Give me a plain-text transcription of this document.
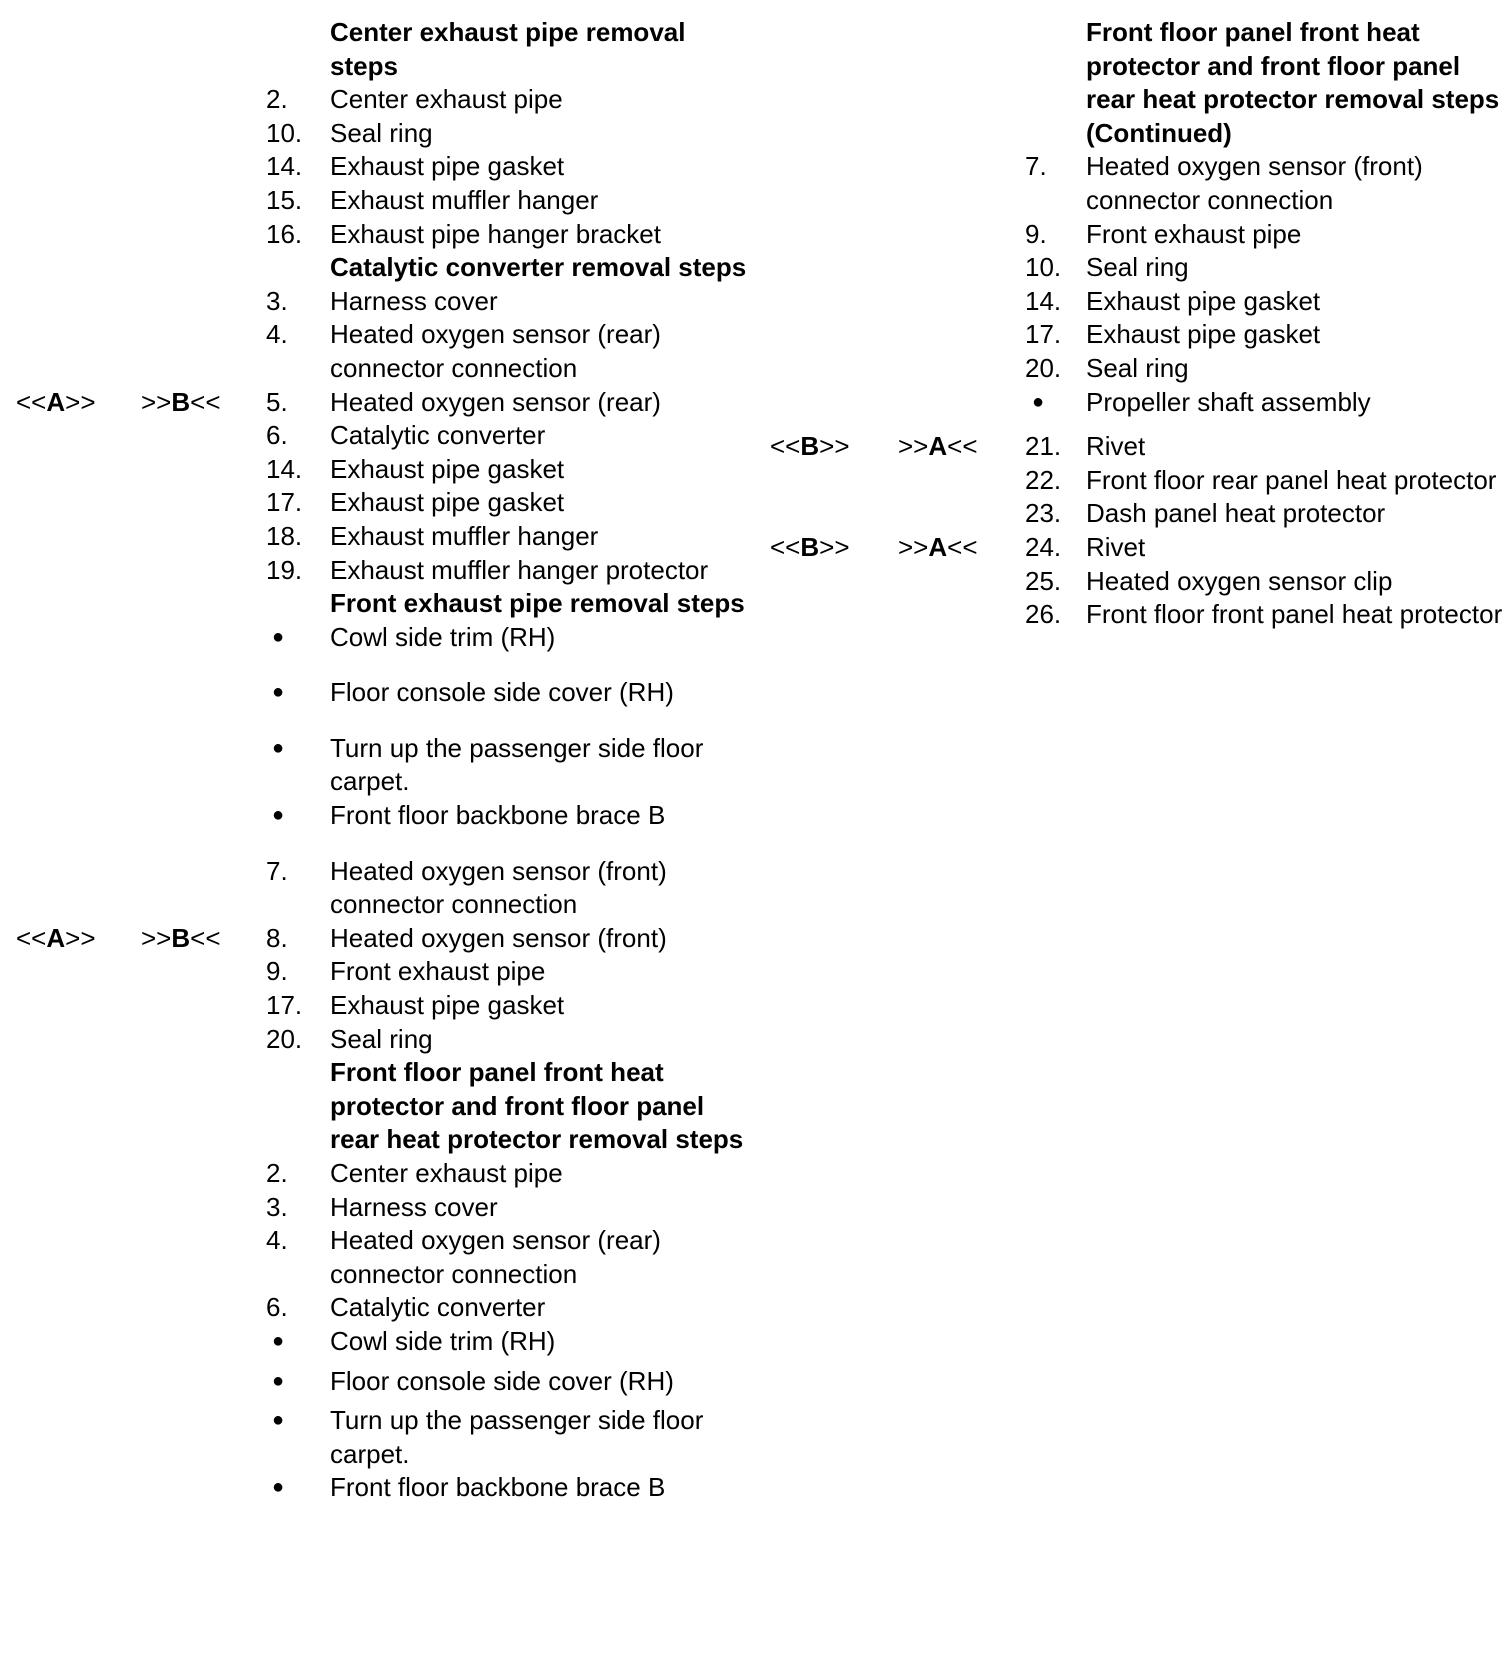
Center exhaust pipe removal steps
2. Center exhaust pipe
10. Seal ring
14. Exhaust pipe gasket
15. Exhaust muffler hanger
16. Exhaust pipe hanger bracket
Catalytic converter removal steps
3. Harness cover
4. Heated oxygen sensor (rear) connector connection
<<A>> >>B<< 5. Heated oxygen sensor (rear)
6. Catalytic converter
14. Exhaust pipe gasket
17. Exhaust pipe gasket
18. Exhaust muffler hanger
19. Exhaust muffler hanger protector
Front exhaust pipe removal steps
● Cowl side trim (RH)
● Floor console side cover (RH)
● Turn up the passenger side floor carpet.
● Front floor backbone brace B
7. Heated oxygen sensor (front) connector connection
<<A>> >>B<< 8. Heated oxygen sensor (front)
9. Front exhaust pipe
17. Exhaust pipe gasket
20. Seal ring
Front floor panel front heat protector and front floor panel rear heat protector removal steps
2. Center exhaust pipe
3. Harness cover
4. Heated oxygen sensor (rear) connector connection
6. Catalytic converter
● Cowl side trim (RH)
● Floor console side cover (RH)
● Turn up the passenger side floor carpet.
● Front floor backbone brace B
Front floor panel front heat protector and front floor panel rear heat protector removal steps (Continued)
7. Heated oxygen sensor (front) connector connection
9. Front exhaust pipe
10. Seal ring
14. Exhaust pipe gasket
17. Exhaust pipe gasket
20. Seal ring
● Propeller shaft assembly
<<B>> >>A<< 21. Rivet
22. Front floor rear panel heat protector
23. Dash panel heat protector
<<B>> >>A<< 24. Rivet
25. Heated oxygen sensor clip
26. Front floor front panel heat protector
